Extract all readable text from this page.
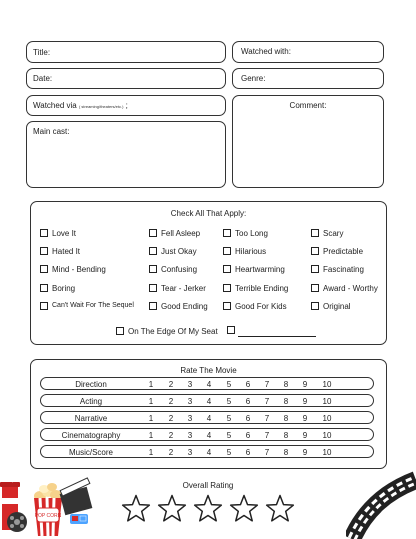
Title:	Watched with:
Date:	Genre:
Watched via ( streaming/theaters/etc.) ;	Comment:
Main cast:
Check All That Apply:
Love It	Fell Asleep	Too Long	Scary
Hated It	Just Okay	Hilarious	Predictable
Mind - Bending	Confusing	Heartwarming	Fascinating
Boring	Tear - Jerker	Terrible Ending	Award - Worthy
Can't Wait For The Sequel	Good Ending	Good For Kids	Original
On The Edge Of My Seat
Rate The Movie
Direction	1	2	3	4	5	6	7	8	9	10
Acting	1	2	3	4	5	6	7	8	9	10
Narrative	1	2	3	4	5	6	7	8	9	10
Cinematography	1	2	3	4	5	6	7	8	9	10
Music/Score	1	2	3	4	5	6	7	8	9	10
Overall Rating
POP CORN
